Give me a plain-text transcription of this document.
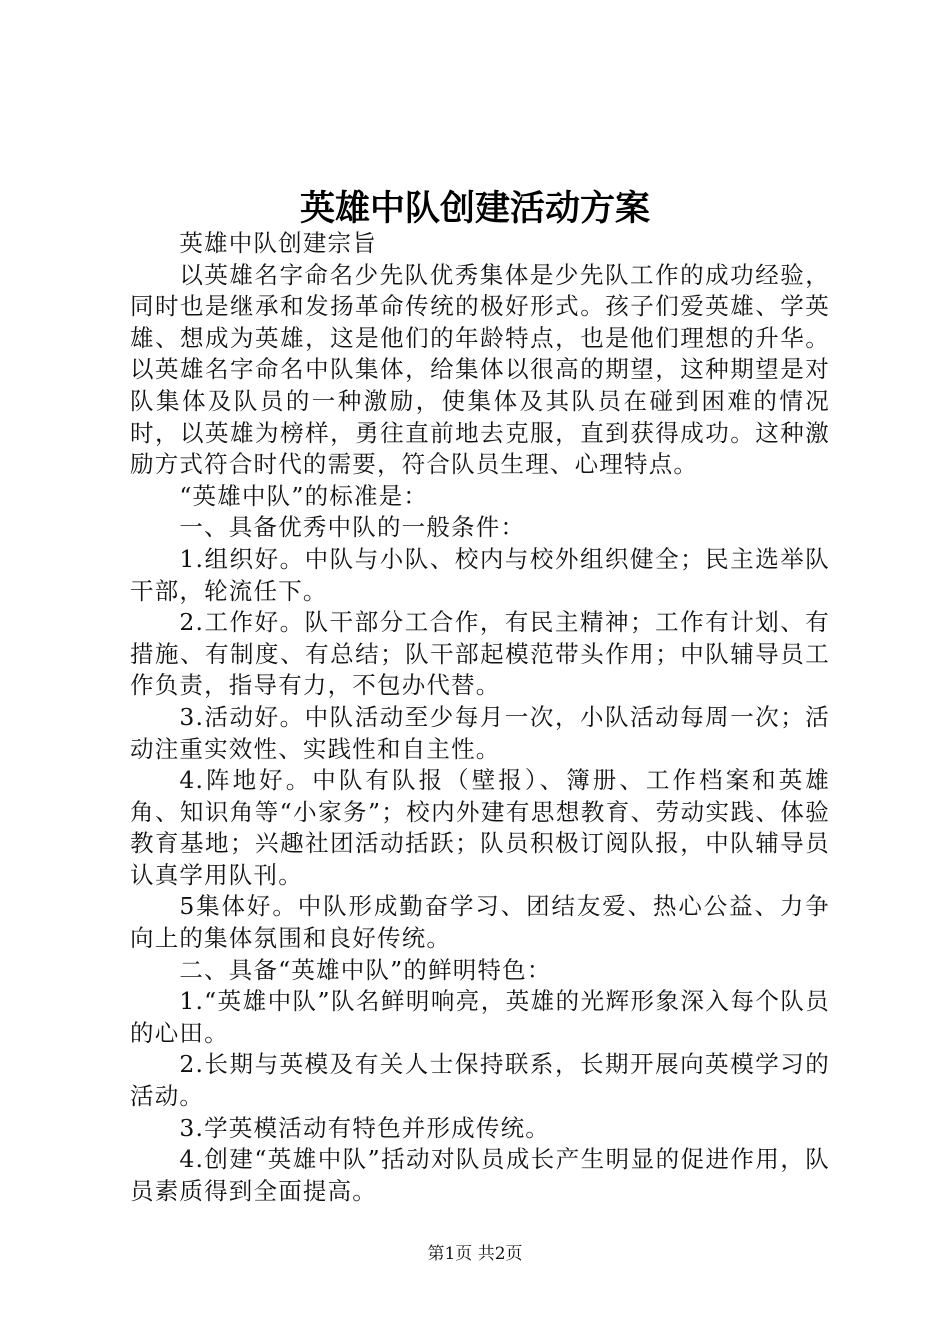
英雄中队创建活动方案

英雄中队创建宗旨

以英雄名字命名少先队优秀集体是少先队工作的成功经验，同时也是继承和发扬革命传统的极好形式。孩子们爱英雄、学英雄、想成为英雄，这是他们的年龄特点，也是他们理想的升华。以英雄名字命名中队集体，给集体以很高的期望，这种期望是对队集体及队员的一种激励，使集体及其队员在碰到困难的情况时，以英雄为榜样，勇往直前地去克服，直到获得成功。这种激励方式符合时代的需要，符合队员生理、心理特点。

“英雄中队”的标准是：

一、具备优秀中队的一般条件：

1.组织好。中队与小队、校内与校外组织健全；民主选举队干部，轮流任下。

2.工作好。队干部分工合作，有民主精神；工作有计划、有措施、有制度、有总结；队干部起模范带头作用；中队辅导员工作负责，指导有力，不包办代替。

3.活动好。中队活动至少每月一次，小队活动每周一次；活动注重实效性、实践性和自主性。

4.阵地好。中队有队报（壁报）、簿册、工作档案和英雄角、知识角等“小家务”；校内外建有思想教育、劳动实践、体验教育基地；兴趣社团活动括跃；队员积极订阅队报，中队辅导员认真学用队刊。

5集体好。中队形成勤奋学习、团结友爱、热心公益、力争向上的集体氛围和良好传统。

二、具备“英雄中队”的鲜明特色：

1.“英雄中队”队名鲜明响亮，英雄的光辉形象深入每个队员的心田。

2.长期与英模及有关人士保持联系，长期开展向英模学习的活动。

3.学英模活动有特色并形成传统。

4.创建“英雄中队”括动对队员成长产生明显的促进作用，队员素质得到全面提高。

第1页 共2页
